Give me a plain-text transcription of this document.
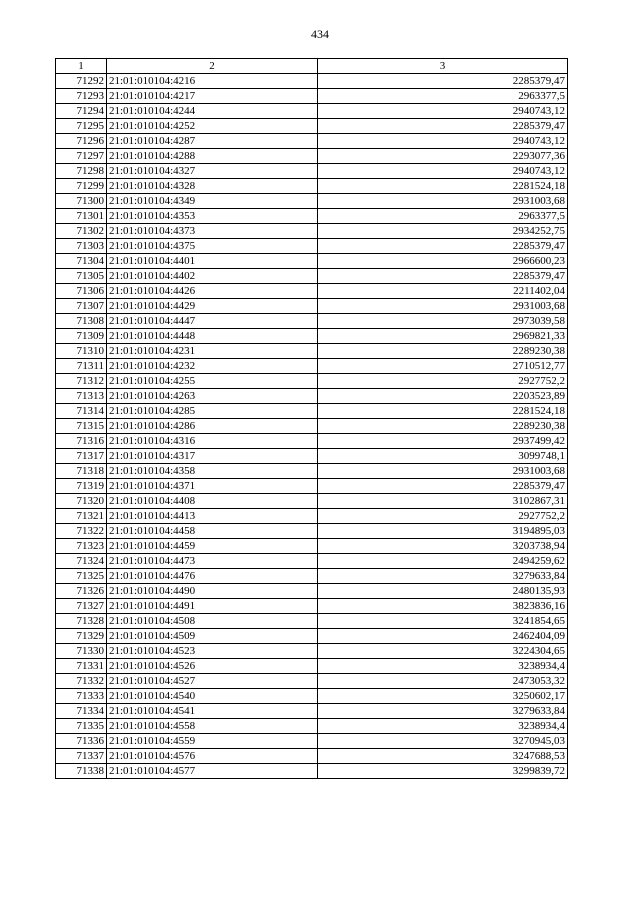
434
1	2	3
71292	21:01:010104:4216	2285379,47
71293	21:01:010104:4217	2963377,5
71294	21:01:010104:4244	2940743,12
71295	21:01:010104:4252	2285379,47
71296	21:01:010104:4287	2940743,12
71297	21:01:010104:4288	2293077,36
71298	21:01:010104:4327	2940743,12
71299	21:01:010104:4328	2281524,18
71300	21:01:010104:4349	2931003,68
71301	21:01:010104:4353	2963377,5
71302	21:01:010104:4373	2934252,75
71303	21:01:010104:4375	2285379,47
71304	21:01:010104:4401	2966600,23
71305	21:01:010104:4402	2285379,47
71306	21:01:010104:4426	2211402,04
71307	21:01:010104:4429	2931003,68
71308	21:01:010104:4447	2973039,58
71309	21:01:010104:4448	2969821,33
71310	21:01:010104:4231	2289230,38
71311	21:01:010104:4232	2710512,77
71312	21:01:010104:4255	2927752,2
71313	21:01:010104:4263	2203523,89
71314	21:01:010104:4285	2281524,18
71315	21:01:010104:4286	2289230,38
71316	21:01:010104:4316	2937499,42
71317	21:01:010104:4317	3099748,1
71318	21:01:010104:4358	2931003,68
71319	21:01:010104:4371	2285379,47
71320	21:01:010104:4408	3102867,31
71321	21:01:010104:4413	2927752,2
71322	21:01:010104:4458	3194895,03
71323	21:01:010104:4459	3203738,94
71324	21:01:010104:4473	2494259,62
71325	21:01:010104:4476	3279633,84
71326	21:01:010104:4490	2480135,93
71327	21:01:010104:4491	3823836,16
71328	21:01:010104:4508	3241854,65
71329	21:01:010104:4509	2462404,09
71330	21:01:010104:4523	3224304,65
71331	21:01:010104:4526	3238934,4
71332	21:01:010104:4527	2473053,32
71333	21:01:010104:4540	3250602,17
71334	21:01:010104:4541	3279633,84
71335	21:01:010104:4558	3238934,4
71336	21:01:010104:4559	3270945,03
71337	21:01:010104:4576	3247688,53
71338	21:01:010104:4577	3299839,72
